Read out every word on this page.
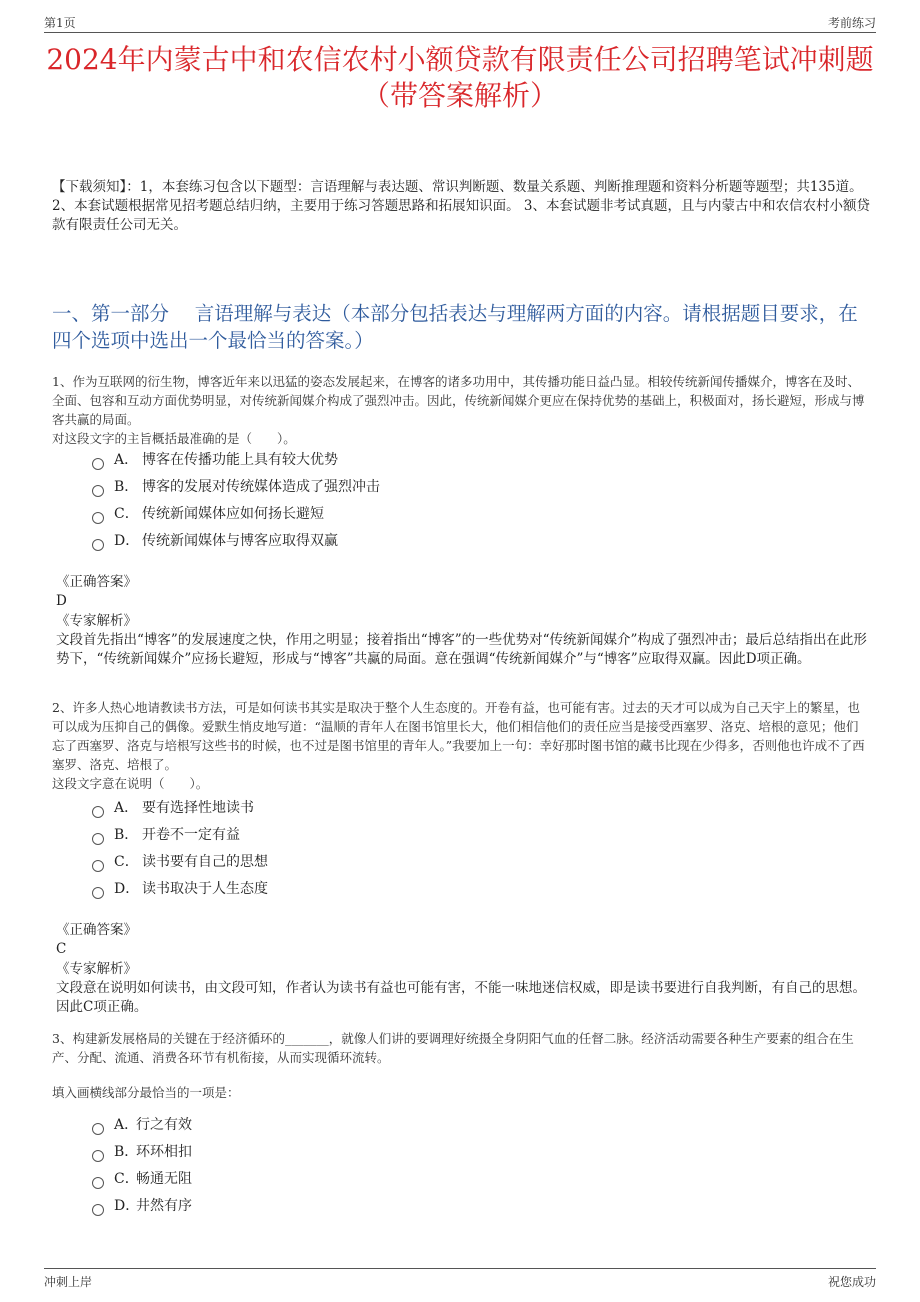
第1页	考前练习
2024年内蒙古中和农信农村小额贷款有限责任公司招聘笔试冲刺题（带答案解析）
【下载须知】：1，本套练习包含以下题型：言语理解与表达题、常识判断题、数量关系题、判断推理题和资料分析题等题型；共135道。 2、本套试题根据常见招考题总结归纳，主要用于练习答题思路和拓展知识面。 3、本套试题非考试真题，且与内蒙古中和农信农村小额贷款有限责任公司无关。
一、第一部分　 言语理解与表达（本部分包括表达与理解两方面的内容。请根据题目要求，在四个选项中选出一个最恰当的答案。）

1、作为互联网的衍生物，博客近年来以迅猛的姿态发展起来，在博客的诸多功用中，其传播功能日益凸显。相较传统新闻传播媒介，博客在及时、全面、包容和互动方面优势明显，对传统新闻媒介构成了强烈冲击。因此，传统新闻媒介更应在保持优势的基础上，积极面对，扬长避短，形成与博客共赢的局面。

对这段文字的主旨概括最准确的是（　　）。

A． 博客在传播功能上具有较大优势
B． 博客的发展对传统媒体造成了强烈冲击
C． 传统新闻媒体应如何扬长避短
D． 传统新闻媒体与博客应取得双赢

《正确答案》

D

《专家解析》

文段首先指出“博客”的发展速度之快，作用之明显；接着指出“博客”的一些优势对“传统新闻媒介”构成了强烈冲击；最后总结指出在此形势下，“传统新闻媒介”应扬长避短，形成与“博客”共赢的局面。意在强调“传统新闻媒介”与“博客”应取得双赢。因此D项正确。

2、许多人热心地请教读书方法，可是如何读书其实是取决于整个人生态度的。开卷有益，也可能有害。过去的天才可以成为自己天宇上的繁星，也可以成为压抑自己的偶像。爱默生悄皮地写道：“温顺的青年人在图书馆里长大，他们相信他们的责任应当是接受西塞罗、洛克、培根的意见；他们忘了西塞罗、洛克与培根写这些书的时候，也不过是图书馆里的青年人。”我要加上一句：幸好那时图书馆的藏书比现在少得多，否则他也许成不了西塞罗、洛克、培根了。

这段文字意在说明（　　）。

A． 要有选择性地读书
B． 开卷不一定有益
C． 读书要有自己的思想
D． 读书取决于人生态度

《正确答案》

C

《专家解析》

文段意在说明如何读书，由文段可知，作者认为读书有益也可能有害，不能一味地迷信权威，即是读书要进行自我判断，有自己的思想。因此C项正确。

3、构建新发展格局的关键在于经济循环的_______，就像人们讲的要调理好统摄全身阴阳气血的任督二脉。经济活动需要各种生产要素的组合在生产、分配、流通、消费各环节有机衔接，从而实现循环流转。

填入画横线部分最恰当的一项是：

A．行之有效
B．环环相扣
C．畅通无阻
D．井然有序
冲刺上岸	祝您成功
